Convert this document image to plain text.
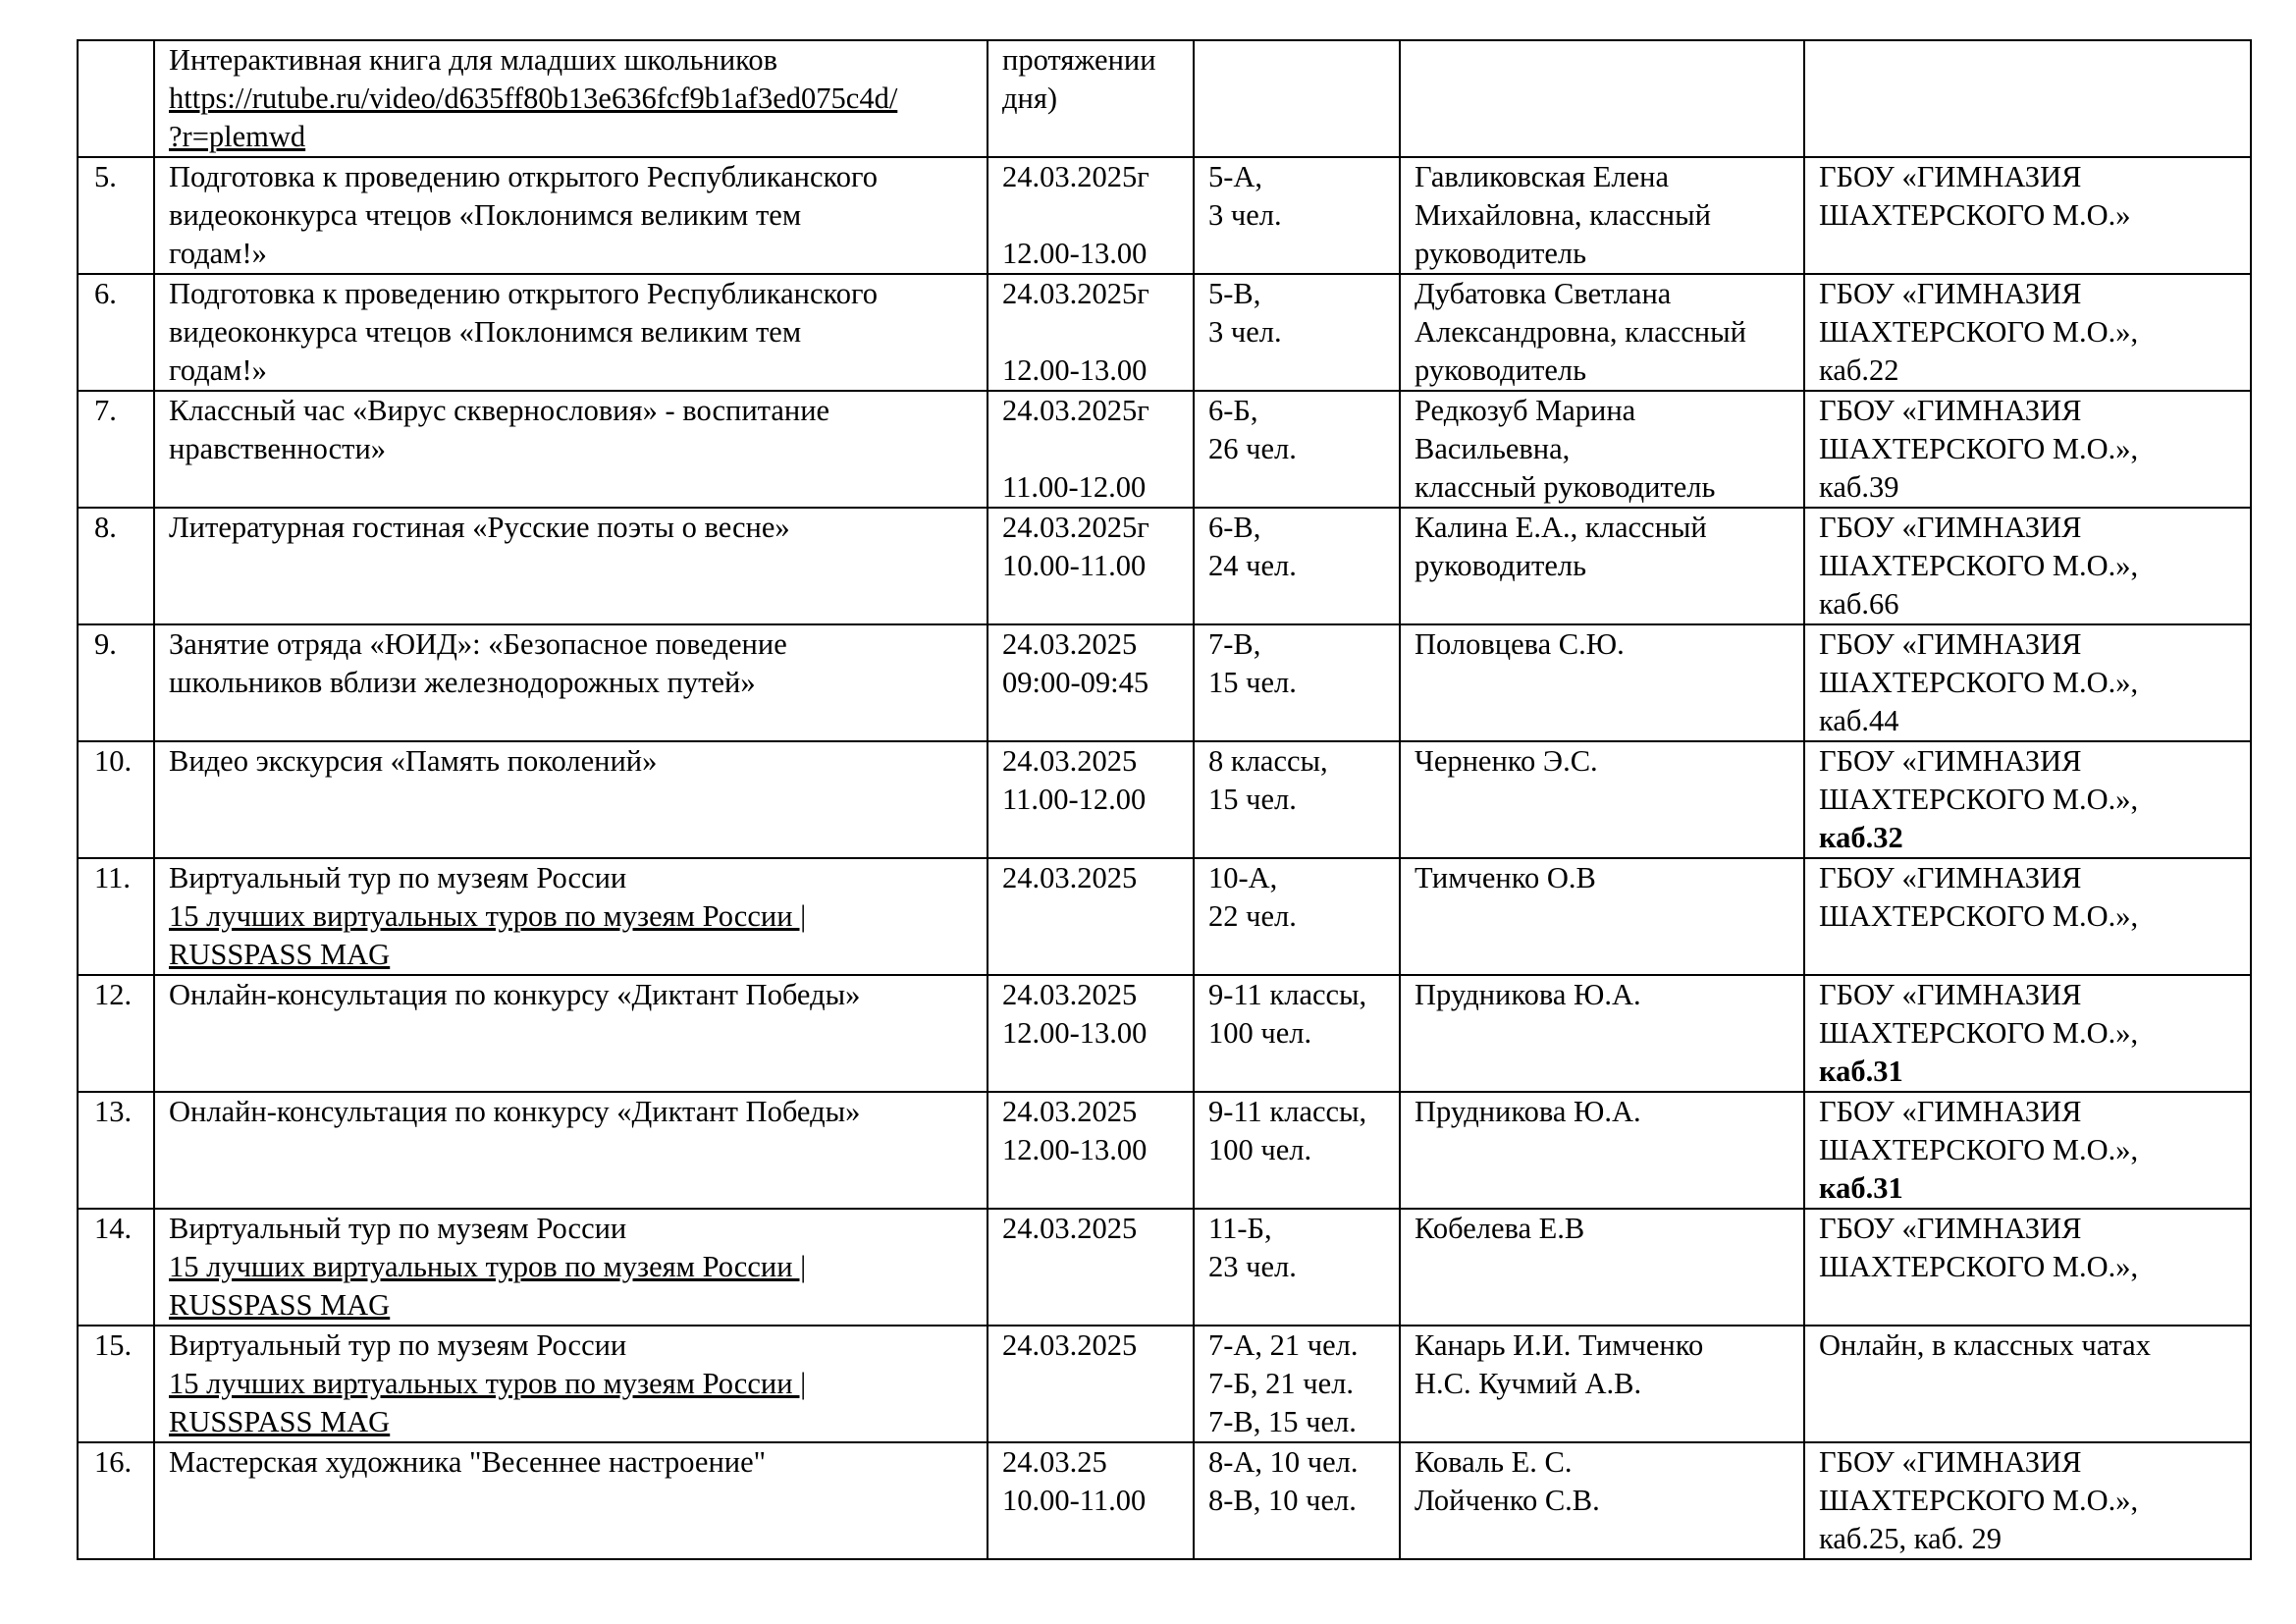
	Интерактивная книга для младших школьников
https://rutube.ru/video/d635ff80b13e636fcf9b1af3ed075c4d/
?r=plemwd	протяжении
дня)			

5.	Подготовка к проведению открытого Республиканского
видеоконкурса чтецов «Поклонимся великим тем
годам!»	24.03.2025г
12.00-13.00	5-А,
3 чел.	Гавликовская Елена
Михайловна, классный
руководитель	ГБОУ «ГИМНАЗИЯ
ШАХТЕРСКОГО М.О.»

6.	Подготовка к проведению открытого Республиканского
видеоконкурса чтецов «Поклонимся великим тем
годам!»	24.03.2025г
12.00-13.00	5-В,
3 чел.	Дубатовка Светлана
Александровна, классный
руководитель	ГБОУ «ГИМНАЗИЯ
ШАХТЕРСКОГО М.О.»,
каб.22

7.	Классный час «Вирус сквернословия» - воспитание
нравственности»	24.03.2025г
11.00-12.00	6-Б,
26 чел.	Редкозуб Марина
Васильевна,
классный руководитель	ГБОУ «ГИМНАЗИЯ
ШАХТЕРСКОГО М.О.»,
каб.39

8.	Литературная гостиная «Русские поэты о весне»	24.03.2025г
10.00-11.00	6-В,
24 чел.	Калина Е.А., классный
руководитель	ГБОУ «ГИМНАЗИЯ
ШАХТЕРСКОГО М.О.»,
каб.66

9.	Занятие отряда «ЮИД»: «Безопасное поведение
школьников вблизи железнодорожных путей»	24.03.2025
09:00-09:45	7-В,
15 чел.	Половцева С.Ю.	ГБОУ «ГИМНАЗИЯ
ШАХТЕРСКОГО М.О.»,
каб.44

10.	Видео экскурсия «Память поколений»	24.03.2025
11.00-12.00	8 классы,
15 чел.	Черненко Э.С.	ГБОУ «ГИМНАЗИЯ
ШАХТЕРСКОГО М.О.»,
каб.32

11.	Виртуальный тур по музеям России
15 лучших виртуальных туров по музеям России |
RUSSPASS MAG	24.03.2025	10-А,
22 чел.	Тимченко О.В	ГБОУ «ГИМНАЗИЯ
ШАХТЕРСКОГО М.О.»,

12.	Онлайн-консультация по конкурсу «Диктант Победы»	24.03.2025
12.00-13.00	9-11 классы,
100 чел.	Прудникова Ю.А.	ГБОУ «ГИМНАЗИЯ
ШАХТЕРСКОГО М.О.»,
каб.31

13.	Онлайн-консультация по конкурсу «Диктант Победы»	24.03.2025
12.00-13.00	9-11 классы,
100 чел.	Прудникова Ю.А.	ГБОУ «ГИМНАЗИЯ
ШАХТЕРСКОГО М.О.»,
каб.31

14.	Виртуальный тур по музеям России
15 лучших виртуальных туров по музеям России |
RUSSPASS MAG	24.03.2025	11-Б,
23 чел.	Кобелева Е.В	ГБОУ «ГИМНАЗИЯ
ШАХТЕРСКОГО М.О.»,

15.	Виртуальный тур по музеям России
15 лучших виртуальных туров по музеям России |
RUSSPASS MAG	24.03.2025	7-А, 21 чел.
7-Б, 21 чел.
7-В, 15 чел.	Канарь И.И. Тимченко
Н.С. Кучмий А.В.	Онлайн, в классных чатах

16.	Мастерская художника "Весеннее настроение"	24.03.25
10.00-11.00	8-А, 10 чел.
8-В, 10 чел.	Коваль Е. С.
Лойченко С.В.	ГБОУ «ГИМНАЗИЯ
ШАХТЕРСКОГО М.О.»,
каб.25, каб. 29
